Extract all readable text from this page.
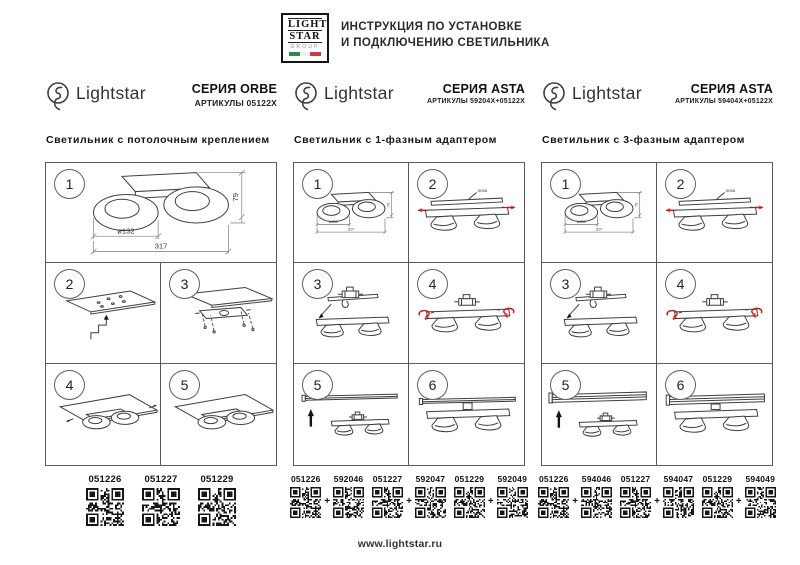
LIGHT
STAR
GROUP
ИНСТРУКЦИЯ ПО УСТАНОВКЕ
И ПОДКЛЮЧЕНИЮ СВЕТИЛЬНИКА
Lightstar	СЕРИЯ ORBE
АРТИКУЛЫ 05122X
Светильник с потолочным креплением
1
ø132
317
79
2	3
4	5
051226 051227 051229
Lightstar	СЕРИЯ ASTA
АРТИКУЛЫ 59204X+05122X
Светильник с 1-фазным адаптером
1
ø132
317
79
2	MON6
3	4
5	6
051226
+
592046 051227
+
592047 051229
+
592049
Lightstar	СЕРИЯ ASTA
АРТИКУЛЫ 59404X+05122X
Светильник с 3-фазным адаптером
1
ø132
317
79
2	MON6
3	4
5	6
051226
+
594046 051227
+
594047 051229
+
594049
www.lightstar.ru
